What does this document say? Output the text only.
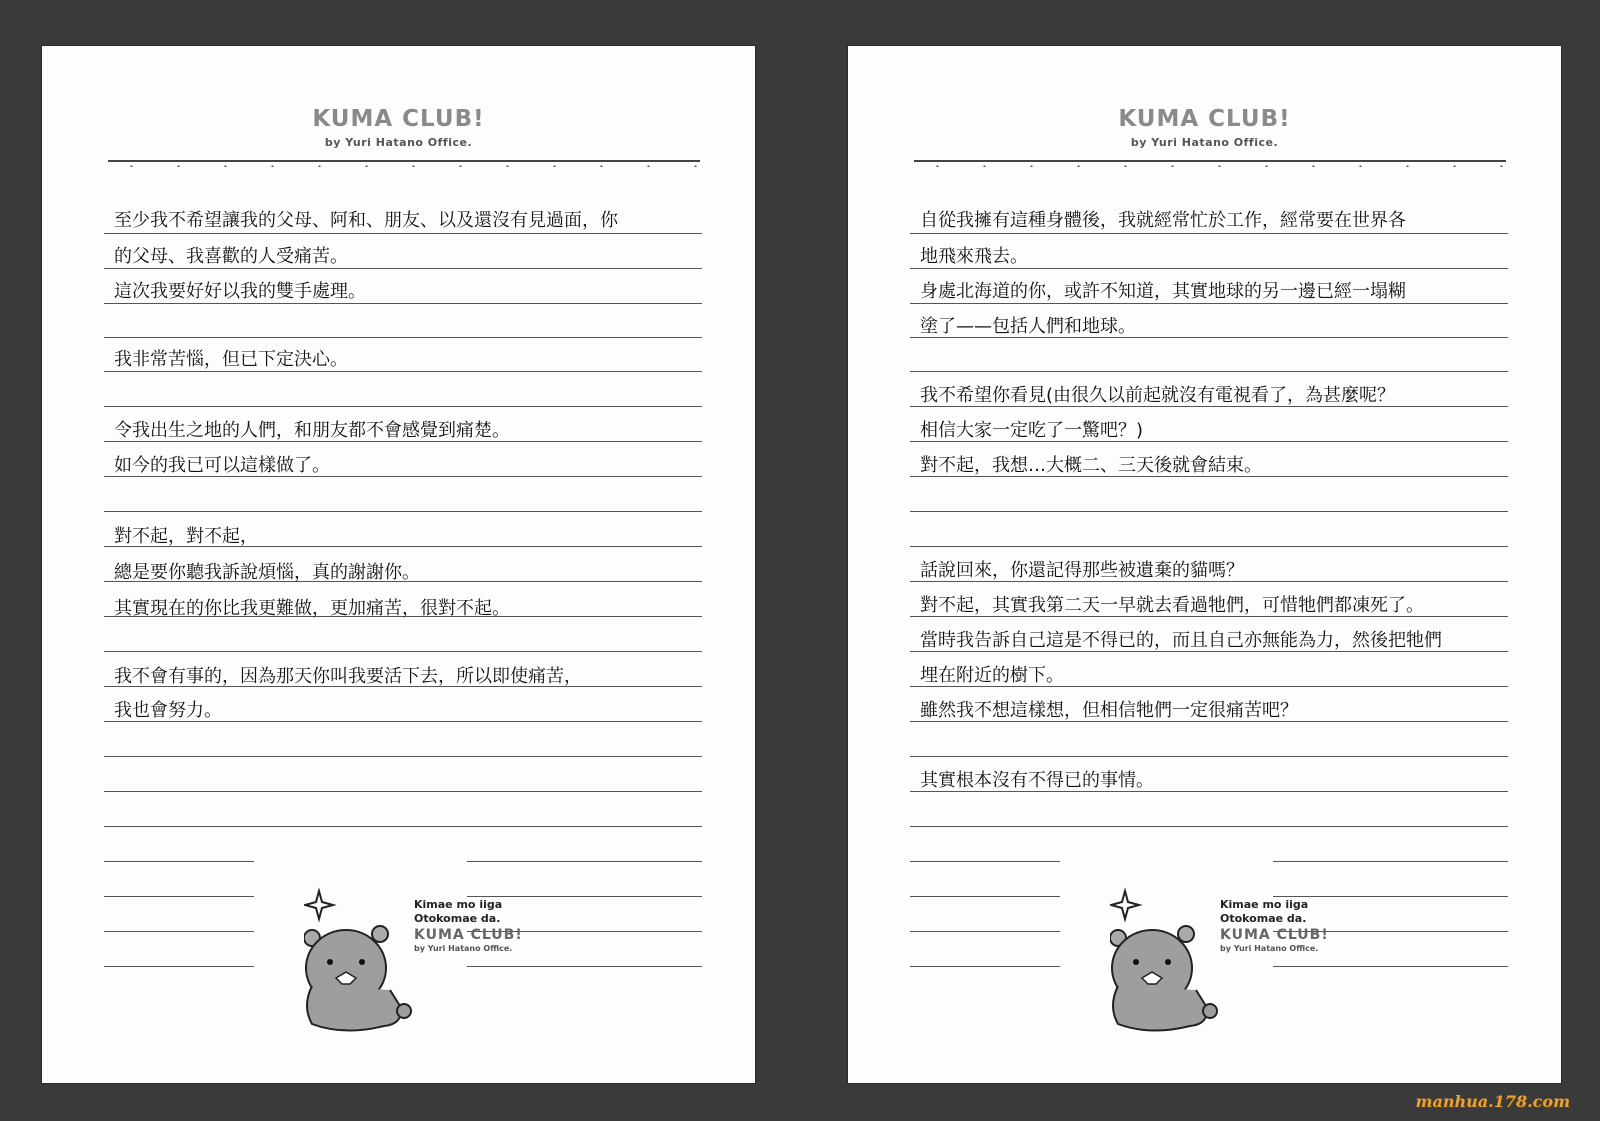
KUMA CLUB!
by Yuri Hatano Office.
至少我不希望讓我的父母、阿和、朋友、以及還沒有見過面，你
的父母、我喜歡的人受痛苦。
這次我要好好以我的雙手處理。
我非常苦惱，但已下定決心。
令我出生之地的人們，和朋友都不會感覺到痛楚。
如今的我已可以這樣做了。
對不起，對不起，
總是要你聽我訴說煩惱，真的謝謝你。
其實現在的你比我更難做，更加痛苦，很對不起。
我不會有事的，因為那天你叫我要活下去，所以即使痛苦，
我也會努力。
Kimae mo iiga
Otokomae da.
KUMA CLUB!
by Yuri Hatano Office.
KUMA CLUB!
by Yuri Hatano Office.
自從我擁有這種身體後，我就經常忙於工作，經常要在世界各
地飛來飛去。
身處北海道的你，或許不知道，其實地球的另一邊已經一塌糊
塗了——包括人們和地球。
我不希望你看見(由很久以前起就沒有電視看了，為甚麼呢？
相信大家一定吃了一驚吧？)
對不起，我想…大概二、三天後就會結束。
話說回來，你還記得那些被遺棄的貓嗎？
對不起，其實我第二天一早就去看過牠們，可惜牠們都凍死了。
當時我告訴自己這是不得已的，而且自己亦無能為力，然後把牠們
埋在附近的樹下。
雖然我不想這樣想，但相信牠們一定很痛苦吧？
其實根本沒有不得已的事情。
Kimae mo iiga
Otokomae da.
KUMA CLUB!
by Yuri Hatano Office.
manhua.178.com
